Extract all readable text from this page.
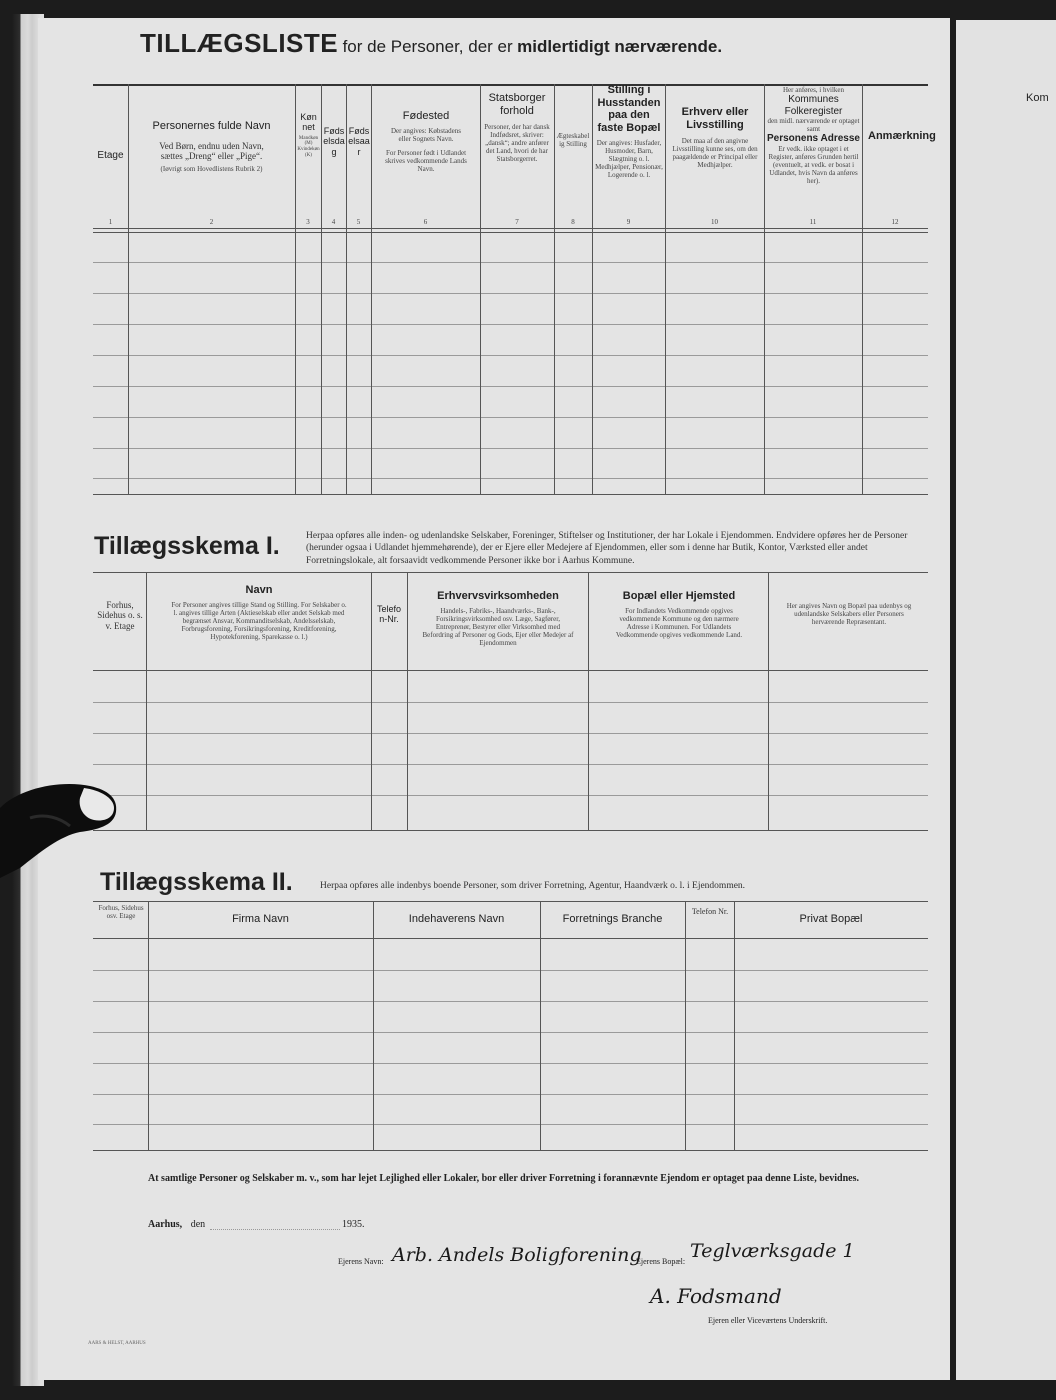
Kom
TILLÆGSLISTE for de Personer, der er midlertidigt nærværende.
Etage
Personernes fulde Navn
Ved Børn, endnu uden Navn, sættes „Dreng“ eller „Pige“.
(Iøvrigt som Hovedlistens Rubrik 2)
Kønnet
Mandkøn (M) Kvindekøn (K)
Fødselsdag
Fødselsaar
Fødested
Der angives: Købstadens eller Sognets Navn.
For Personer født i Udlandet skrives vedkommende Lands Navn.
Statsborgerforhold
Personer, der har dansk Indfødsret, skriver: „dansk“; andre anfører det Land, hvori de har Statsborgerret.
Ægteskabelig Stilling
Stilling i Husstanden paa den faste Bopæl
Der angives: Husfader, Husmoder, Barn, Slægtning o. l. Medhjælper, Pensionær, Logerende o. l.
Erhverv eller Livsstilling
Det maa af den angivne Livsstilling kunne ses, om den paagældende er Principal eller Medhjælper.
Her anføres, i hvilken
Kommunes Folkeregister
den midl. nærværende er optaget samt
Personens Adresse
Er vedk. ikke optaget i et Register, anføres Grunden hertil (eventuelt, at vedk. er bosat i Udlandet, hvis Navn da anføres her).
Anmærkning
1	2	3	4	5	6	7	8	9	10	11	12
Tillægsskema I.	Herpaa opføres alle inden- og udenlandske Selskaber, Foreninger, Stiftelser og Institutioner, der har Lokale i Ejendommen. Endvidere opføres her de Personer (herunder ogsaa i Udlandet hjemmehørende), der er Ejere eller Medejere af Ejendommen, eller som i denne har Butik, Kontor, Værksted eller andet Forretningslokale, alt forsaavidt vedkommende Personer ikke bor i Aarhus Kommune.
Forhus, Sidehus o. s. v. Etage
Navn
For Personer angives tillige Stand og Stilling. For Selskaber o. l. angives tillige Arten (Aktieselskab eller andet Selskab med begrænset Ansvar, Kommanditselskab, Andelsselskab, Forbrugsforening, Forsikringsforening, Kreditforening, Hypotekforening, Sparekasse o. l.)
Telefon-Nr.
Erhvervsvirksomheden
Handels-, Fabriks-, Haandværks-, Bank-, Forsikringsvirksomhed osv. Læge, Sagfører, Entreprenør, Bestyrer eller Virksomhed med Befordring af Personer og Gods, Ejer eller Medejer af Ejendommen
Bopæl eller Hjemsted
For Indlandets Vedkommende opgives vedkommende Kommune og den nærmere Adresse i Kommunen. For Udlandets Vedkommende opgives vedkommende Land.
Her angives Navn og Bopæl paa udenbys og udenlandske Selskabers eller Personers herværende Repræsentant.
Tillægsskema II.	Herpaa opføres alle indenbys boende Personer, som driver Forretning, Agentur, Haandværk o. l. i Ejendommen.
Forhus, Sidehus osv. Etage	Firma Navn	Indehaverens Navn	Forretnings Branche
Telefon Nr.
Privat Bopæl
At samtlige Personer og Selskaber m. v., som har lejet Lejlighed eller Lokaler, bor eller driver Forretning i forannævnte Ejendom er optaget paa denne Liste, bevidnes.
Aarhus, den	1935.
Ejerens Navn: Arb. Andels Boligforening
Ejerens Bopæl: Teglværksgade 1
A. Fodsmand
Ejeren eller Viceværtens Underskrift.
AARS & HELST, AARHUS
